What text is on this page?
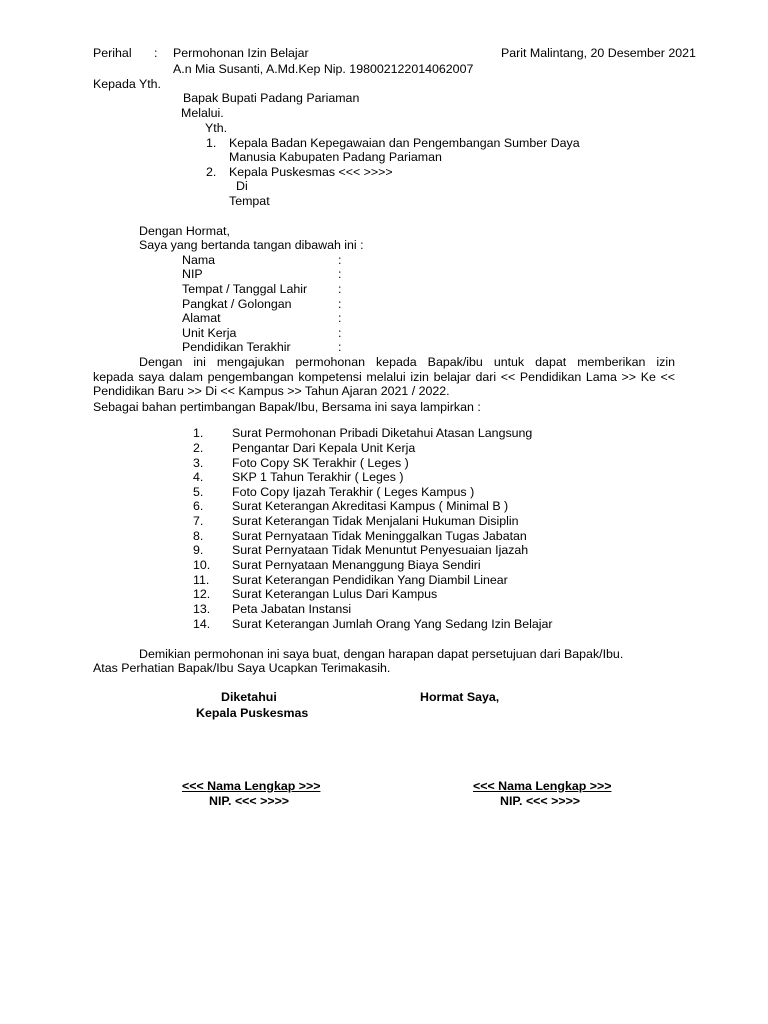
Perihal : Permohonan Izin Belajar
A.n Mia Susanti, A.Md.Kep Nip. 198002122014062007
Parit Malintang, 20 Desember 2021
Kepada Yth.
Bapak Bupati Padang Pariaman
Melalui.
Yth.
1. Kepala Badan Kepegawaian dan Pengembangan Sumber Daya
Manusia Kabupaten Padang Pariaman
2. Kepala Puskesmas <<< >>>>
Di
Tempat
Dengan Hormat,
Saya yang bertanda tangan dibawah ini :
Nama	:
NIP	:
Tempat / Tanggal Lahir :
Pangkat / Golongan	:
Alamat	:
Unit Kerja	:
Pendidikan Terakhir	:
Dengan ini mengajukan permohonan kepada Bapak/ibu untuk dapat memberikan izin
kepada saya dalam pengembangan kompetensi melalui izin belajar dari << Pendidikan Lama >> Ke <<
Pendidikan Baru >> Di << Kampus >> Tahun Ajaran 2021 / 2022.
Sebagai bahan pertimbangan Bapak/Ibu, Bersama ini saya lampirkan :
1. Surat Permohonan Pribadi Diketahui Atasan Langsung
2. Pengantar Dari Kepala Unit Kerja
3. Foto Copy SK Terakhir ( Leges )
4. SKP 1 Tahun Terakhir ( Leges )
5. Foto Copy Ijazah Terakhir ( Leges Kampus )
6. Surat Keterangan Akreditasi Kampus ( Minimal B )
7. Surat Keterangan Tidak Menjalani Hukuman Disiplin
8. Surat Pernyataan Tidak Meninggalkan Tugas Jabatan
9. Surat Pernyataan Tidak Menuntut Penyesuaian Ijazah
10. Surat Pernyataan Menanggung Biaya Sendiri
11. Surat Keterangan Pendidikan Yang Diambil Linear
12. Surat Keterangan Lulus Dari Kampus
13. Peta Jabatan Instansi
14. Surat Keterangan Jumlah Orang Yang Sedang Izin Belajar
Demikian permohonan ini saya buat, dengan harapan dapat persetujuan dari Bapak/Ibu.
Atas Perhatian Bapak/Ibu Saya Ucapkan Terimakasih.
Diketahui
Kepala Puskesmas
Hormat Saya,
<<< Nama Lengkap >>>
NIP. <<< >>>>
<<< Nama Lengkap >>>
NIP. <<< >>>>
